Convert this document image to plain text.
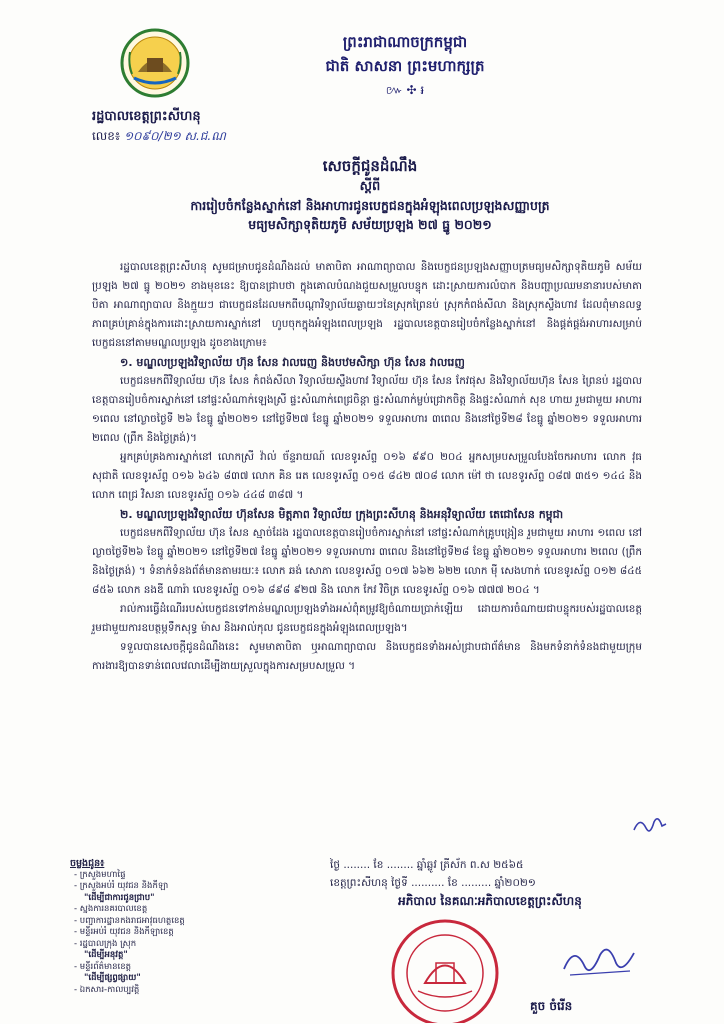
ព្រះរាជាណាចក្រកម្ពុជា
ជាតិ សាសនា ព្រះមហាក្សត្រ
៚ ✣ ៛
រដ្ឋបាលខេត្តព្រះសីហនុ
លេខ៖ ១០៩០/២១ ស.ជ.ណ
សេចក្ដីជូនដំណឹង
ស្ដីពី
ការរៀបចំកន្លែងស្នាក់នៅ និងអាហារជូនបេក្ខជនក្នុងអំឡុងពេលប្រឡងសញ្ញាបត្រ
មធ្យមសិក្សាទុតិយភូមិ សម័យប្រឡង ២៧ ធ្នូ ២០២១

រដ្ឋបាលខេត្តព្រះសីហនុ សូមជម្រាបជូនដំណឹងដល់ មាតាបិតា អាណាព្យាបាល និងបេក្ខជនប្រឡងសញ្ញាបត្រមធ្យមសិក្សាទុតិយភូមិ សម័យប្រឡង ២៧ ធ្នូ ២០២១ ខាងមុខនេះ ឱ្យបានជ្រាបថា ក្នុងគោលបំណងជួយសម្រួលបន្ទុក ដោះស្រាយការលំបាក និងបញ្ហាប្រឈមនានារបស់មាតាបិតា អាណាព្យាបាល និងក្មួយៗ ជាបេក្ខជនដែលមកពីបណ្ដាវិទ្យាល័យឆ្ងាយៗនៃស្រុកព្រៃនប់ ស្រុកកំពង់សីលា និងស្រុកស្ទឹងហាវ ដែលពុំមានលទ្ធភាពគ្រប់គ្រាន់ក្នុងការដោះស្រាយការស្នាក់នៅ ហូបចុកក្នុងអំឡុងពេលប្រឡង រដ្ឋបាលខេត្តបានរៀបចំកន្លែងស្នាក់នៅ និងផ្គត់ផ្គង់អាហារសម្រាប់បេក្ខជននៅតាមមណ្ឌលប្រឡង ដូចខាងក្រោម៖

១. មណ្ឌលប្រឡងវិទ្យាល័យ ហ៊ុន សែន វាលរេញ និងបឋមសិក្សា ហ៊ុន សែន វាលរេញ

បេក្ខជនមកពីវិទ្យាល័យ ហ៊ុន សែន កំពង់សីលា វិទ្យាល័យស្ទឹងហាវ វិទ្យាល័យ ហ៊ុន សែន កែវផុស និងវិទ្យាល័យហ៊ុន សែន ព្រៃនប់ រដ្ឋបាលខេត្តបានរៀបចំការស្នាក់នៅ នៅផ្ទះសំណាក់ឡេងស្រី ផ្ទះសំណាក់ពេជ្រចិន្ដា ផ្ទះសំណាក់ម្លប់ជ្រោកចិត្ត និងផ្ទះសំណាក់ សុខ ហាយ រួមជាមួយ អាហារ ១ពេល នៅល្ងាចថ្ងៃទី ២៦ ខែធ្នូ ឆ្នាំ២០២១ នៅថ្ងៃទី២៧ ខែធ្នូ ឆ្នាំ២០២១ ទទួលអាហារ ៣ពេល និងនៅថ្ងៃទី២៨ ខែធ្នូ ឆ្នាំ២០២១ ទទួលអាហារ ២ពេល (ព្រឹក និងថ្ងៃត្រង់)។

អ្នកគ្រប់គ្រងការស្នាក់នៅ លោកស្រី វ៉ាល់ ច័ន្ទរាយណ៍ លេខទូរស័ព្ទ ០១៦ ៩៩០ ២០៤ អ្នកសម្របសម្រួលបែងចែកអាហារ លោក វុធ សុជាតិ លេខទូរស័ព្ទ ០១៦ ៦៤៦ ៨៣៧ លោក គិន រេត លេខទូរស័ព្ទ ០១៥ ៨៤២ ៧០៨ លោក ម៉ៅ ថា លេខទូរស័ព្ទ ០៨៧ ៣៥១ ១៤៤ និងលោក ពេជ្រ វិសនា លេខទូរស័ព្ទ ០១៦ ៤៤៨ ៣៨៧ ។

២. មណ្ឌលប្រឡងវិទ្យាល័យ ហ៊ុនសែន មិត្តភាព វិទ្យាល័យ ក្រុងព្រះសីហនុ និងអនុវិទ្យាល័យ តេជោសែន កម្ពុជា

បេក្ខជនមកពីវិទ្យាល័យ ហ៊ុន សែន ស្មាច់ដែង រដ្ឋបាលខេត្តបានរៀបចំការស្នាក់នៅ នៅផ្ទះសំណាក់គ្រូបង្រៀន រួមជាមួយ អាហារ ១ពេល នៅល្ងាចថ្ងៃទី២៦ ខែធ្នូ ឆ្នាំ២០២១ នៅថ្ងៃទី២៧ ខែធ្នូ ឆ្នាំ២០២១ ទទួលអាហារ ៣ពេល និងនៅថ្ងៃទី២៨ ខែធ្នូ ឆ្នាំ២០២១ ទទួលអាហារ ២ពេល (ព្រឹក និងថ្ងៃត្រង់) ។ ទំនាក់ទំនងព័ត៌មានតាមរយៈ៖ លោក ឆង់ សោភា លេខទូរស័ព្ទ ០១៧ ៦៦២ ៦២២ លោក ម៉ី សេងហាក់ លេខទូរស័ព្ទ ០១២ ៨៤៥ ៨៥៦ លោក នងឌី ណារ៉ា លេខទូរស័ព្ទ ០១៦ ៨៩៨ ៩២៧ និង លោក កែវ វិចិត្រ លេខទូរស័ព្ទ ០១៦ ៧៧៧ ២០៤ ។

រាល់ការធ្វើដំណើររបស់បេក្ខជនទៅកាន់មណ្ឌលប្រឡងទាំងអស់ពុំតម្រូវឱ្យចំណាយប្រាក់ឡើយ ដោយការចំណាយជាបន្ទុករបស់រដ្ឋបាលខេត្ត រួមជាមួយការឧបត្ថម្ភទឹកសុទ្ធ ម៉ាស និងអាល់កុល ជូនបេក្ខជនក្នុងអំឡុងពេលប្រឡង។

ទទួលបានសេចក្ដីជូនដំណឹងនេះ សូមមាតាបិតា ឬអាណាព្យាបាល និងបេក្ខជនទាំងអស់ជ្រាបជាព័ត៌មាន និងមកទំនាក់ទំនងជាមួយក្រុមការងារឱ្យបានទាន់ពេលវេលាដើម្បីងាយស្រួលក្នុងការសម្របសម្រួល ។

ថ្ងៃ ........ ខែ ........ ឆ្នាំឆ្លូវ ត្រីស័ក ព.ស ២៥៦៥
ខេត្តព្រះសីហនុ ថ្ងៃទី .......... ខែ ......... ឆ្នាំ២០២១
អភិបាល នៃគណៈអភិបាលខេត្តព្រះសីហនុ
គួច ចំរើន
ចម្លងជូន៖
- ក្រសួងមហាផ្ទៃ
- ក្រសួងអប់រំ យុវជន និងកីឡា
"ដើម្បីជាការជូនជ្រាប"
- ស្នងការនគរបាលខេត្ត
- បញ្ជាការដ្ឋានកងរាជអាវុធហត្ថខេត្ត
- មន្ទីរអប់រំ យុវជន និងកីឡាខេត្ត
- រដ្ឋបាលក្រុង ស្រុក
"ដើម្បីអនុវត្ត"
- មន្ទីរព័ត៌មានខេត្ត
"ដើម្បីផ្សព្វផ្សាយ"
- ឯកសារ-កាលប្បវត្តិ
